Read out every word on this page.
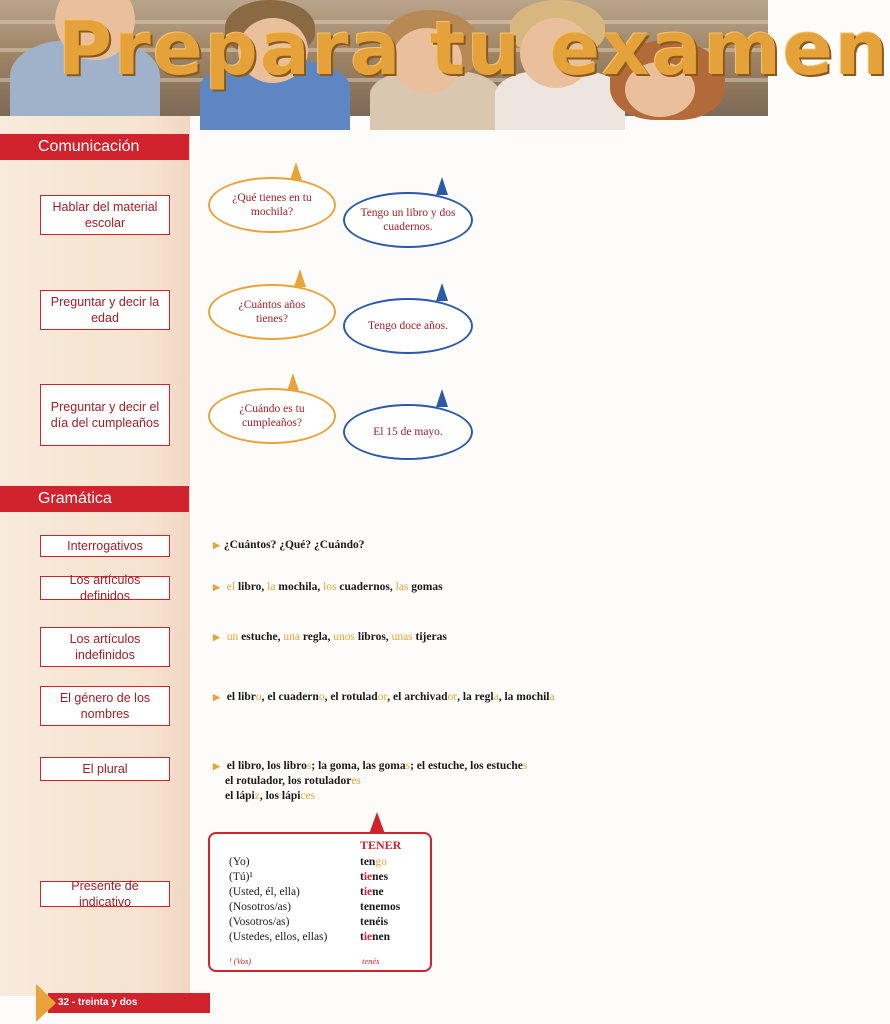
Prepara tu examen
Comunicación
Hablar del material escolar
¿Qué tienes en tu mochila?	Tengo un libro y dos cuadernos.
Preguntar y decir la edad
¿Cuántos años tienes?
Tengo doce años.
Preguntar y decir el día del cumpleaños
¿Cuándo es tu cumpleaños?
El 15 de mayo.
Gramática
Interrogativos
Los artículos definidos
Los artículos indefinidos
El género de los nombres
El plural
Presente de indicativo
▶ ¿Cuántos? ¿Qué? ¿Cuándo?
▶ el libro, la mochila, los cuadernos, las gomas
▶ un estuche, una regla, unos libros, unas tijeras
▶ el libro, el cuaderno, el rotulador, el archivador, la regla, la mochila
▶ el libro, los libros; la goma, las gomas; el estuche, los estuches
el rotulador, los rotuladores
el lápiz, los lápices
TENER
(Yo)	tengo
(Tú)¹	tienes
(Usted, él, ella)	tiene
(Nosotros/as)	tenemos
(Vosotros/as)	tenéis
(Ustedes, ellos, ellas)	tienen
¹ (Vos)	tenés
32 - treinta y dos
